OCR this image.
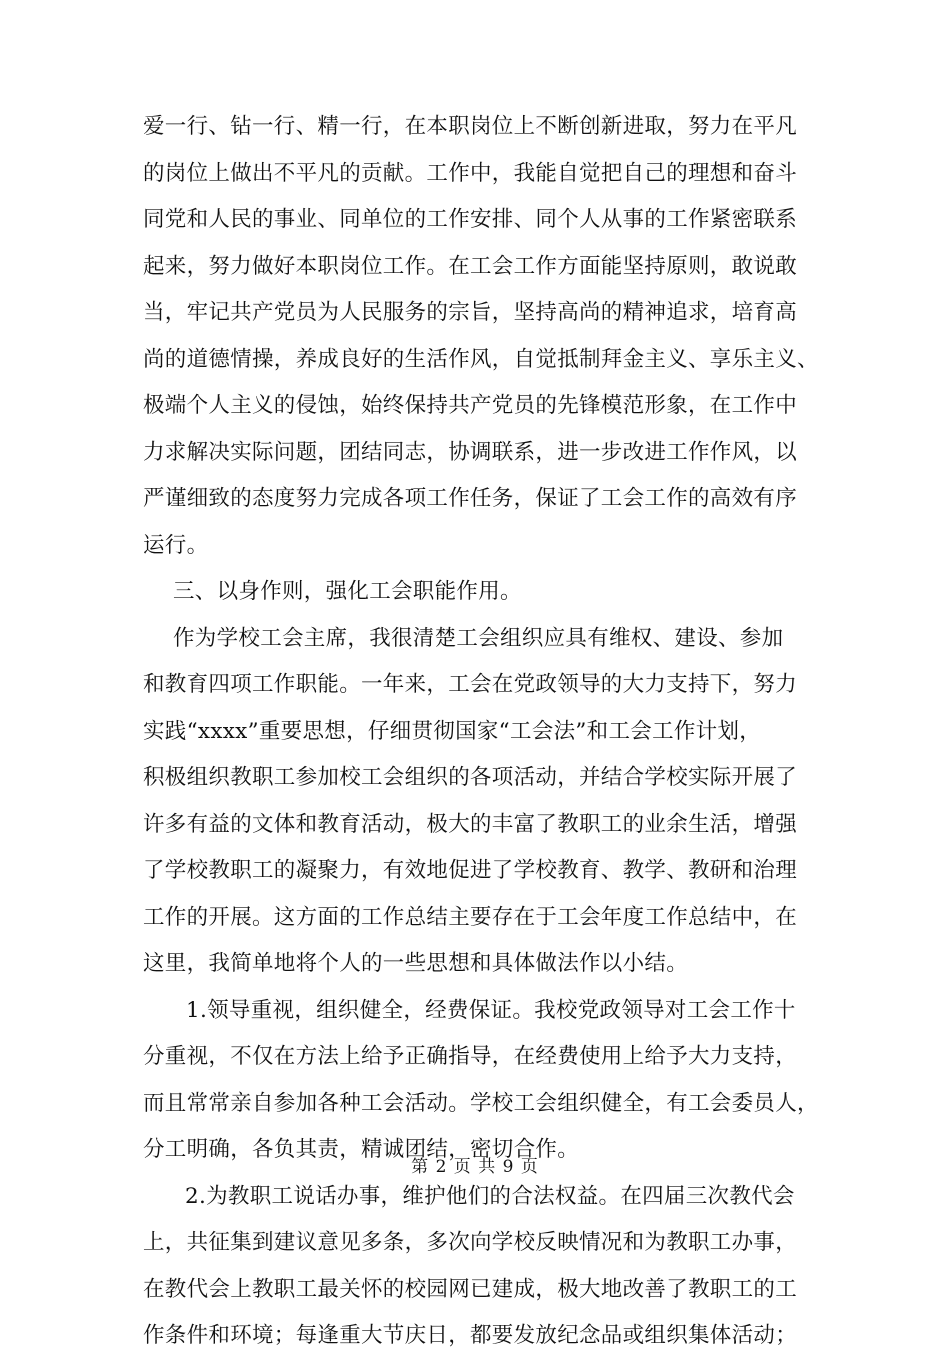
爱一行、钻一行、精一行，在本职岗位上不断创新进取，努力在平凡
的岗位上做出不平凡的贡献。工作中，我能自觉把自己的理想和奋斗
同党和人民的事业、同单位的工作安排、同个人从事的工作紧密联系
起来，努力做好本职岗位工作。在工会工作方面能坚持原则，敢说敢
当，牢记共产党员为人民服务的宗旨，坚持高尚的精神追求，培育高
尚的道德情操，养成良好的生活作风，自觉抵制拜金主义、享乐主义、
极端个人主义的侵蚀，始终保持共产党员的先锋模范形象，在工作中
力求解决实际问题，团结同志，协调联系，进一步改进工作作风，以
严谨细致的态度努力完成各项工作任务，保证了工会工作的高效有序
运行。
三、以身作则，强化工会职能作用。
作为学校工会主席，我很清楚工会组织应具有维权、建设、参加
和教育四项工作职能。一年来，工会在党政领导的大力支持下，努力
实践“xxxx”重要思想，仔细贯彻国家“工会法”和工会工作计划，
积极组织教职工参加校工会组织的各项活动，并结合学校实际开展了
许多有益的文体和教育活动，极大的丰富了教职工的业余生活，增强
了学校教职工的凝聚力，有效地促进了学校教育、教学、教研和治理
工作的开展。这方面的工作总结主要存在于工会年度工作总结中，在
这里，我简单地将个人的一些思想和具体做法作以小结。
1.领导重视，组织健全，经费保证。我校党政领导对工会工作十
分重视，不仅在方法上给予正确指导，在经费使用上给予大力支持，
而且常常亲自参加各种工会活动。学校工会组织健全，有工会委员人，
分工明确，各负其责，精诚团结，密切合作。
2.为教职工说话办事，维护他们的合法权益。在四届三次教代会
上，共征集到建议意见多条，多次向学校反映情况和为教职工办事，
在教代会上教职工最关怀的校园网已建成，极大地改善了教职工的工
作条件和环境；每逢重大节庆日，都要发放纪念品或组织集体活动；
第 2 页 共 9 页
